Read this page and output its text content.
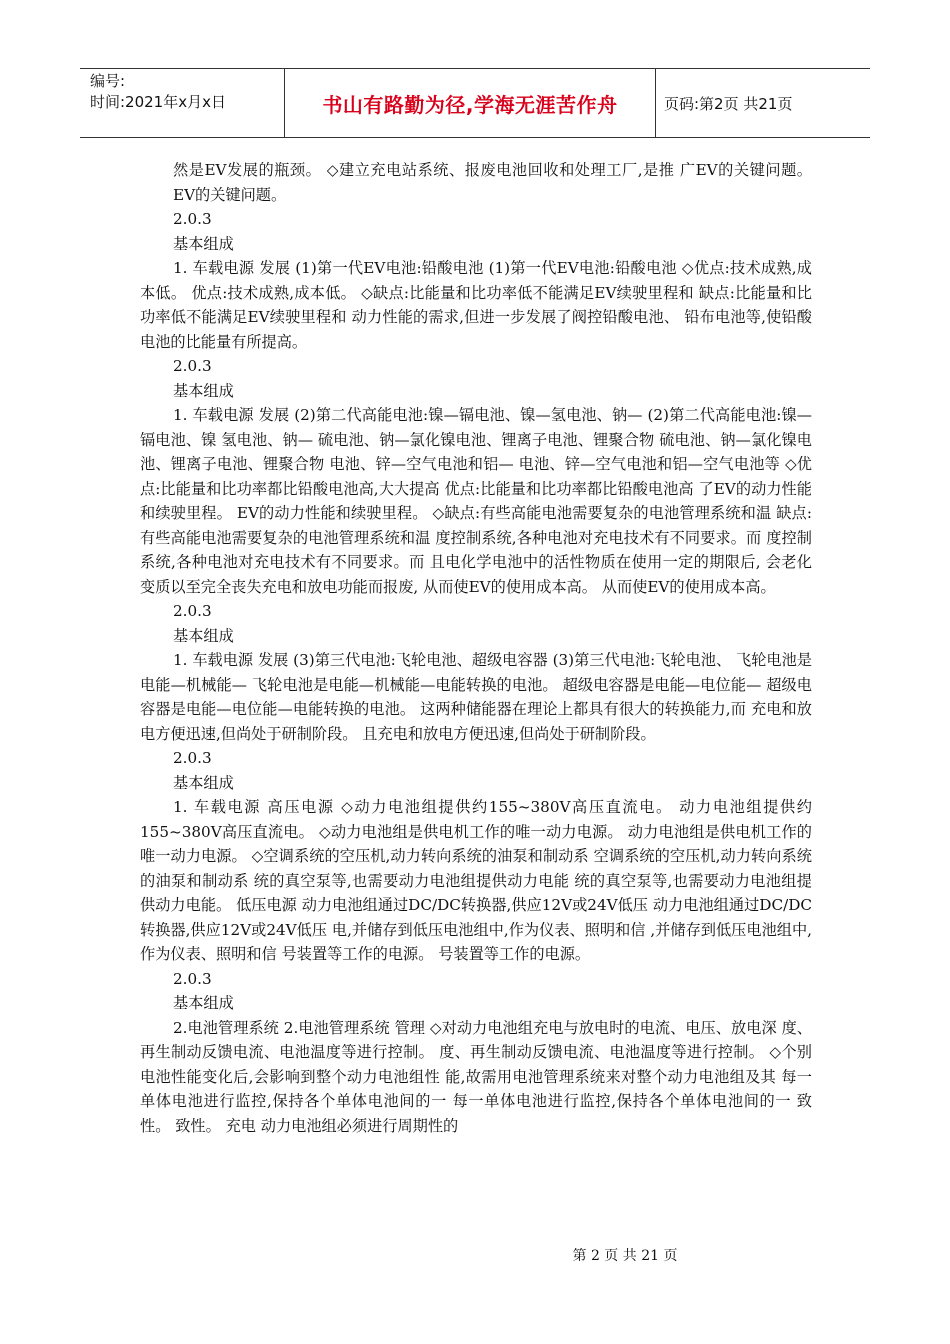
编号:
时间:2021年x月x日	书山有路勤为径,学海无涯苦作舟	页码:第2页 共21页

然是EV发展的瓶颈。 ◇建立充电站系统、报废电池回收和处理工厂,是推 广EV的关键问题。 EV的关键问题。

2.0.3

基本组成

1. 车载电源 发展 (1)第一代EV电池:铅酸电池 (1)第一代EV电池:铅酸电池 ◇优点:技术成熟,成本低。 优点:技术成熟,成本低。 ◇缺点:比能量和比功率低不能满足EV续驶里程和 缺点:比能量和比功率低不能满足EV续驶里程和 动力性能的需求,但进一步发展了阀控铅酸电池、 铅布电池等,使铅酸电池的比能量有所提高。

2.0.3

基本组成

1. 车载电源 发展 (2)第二代高能电池:镍—镉电池、镍—氢电池、钠— (2)第二代高能电池:镍—镉电池、镍 氢电池、钠— 硫电池、钠—氯化镍电池、锂离子电池、锂聚合物 硫电池、钠—氯化镍电池、锂离子电池、锂聚合物 电池、锌—空气电池和铝— 电池、锌—空气电池和铝—空气电池等 ◇优点:比能量和比功率都比铅酸电池高,大大提高 优点:比能量和比功率都比铅酸电池高 了EV的动力性能和续驶里程。 EV的动力性能和续驶里程。 ◇缺点:有些高能电池需要复杂的电池管理系统和温 缺点:有些高能电池需要复杂的电池管理系统和温 度控制系统,各种电池对充电技术有不同要求。而 度控制系统,各种电池对充电技术有不同要求。而 且电化学电池中的活性物质在使用一定的期限后, 会老化变质以至完全丧失充电和放电功能而报废, 从而使EV的使用成本高。 从而使EV的使用成本高。

2.0.3

基本组成

1. 车载电源 发展 (3)第三代电池:飞轮电池、超级电容器 (3)第三代电池:飞轮电池、 飞轮电池是电能—机械能— 飞轮电池是电能—机械能—电能转换的电池。 超级电容器是电能—电位能— 超级电容器是电能—电位能—电能转换的电池。 这两种储能器在理论上都具有很大的转换能力,而 充电和放电方便迅速,但尚处于研制阶段。 且充电和放电方便迅速,但尚处于研制阶段。

2.0.3

基本组成

1. 车载电源 高压电源 ◇动力电池组提供约155~380V高压直流电。 动力电池组提供约155~380V高压直流电。 ◇动力电池组是供电机工作的唯一动力电源。 动力电池组是供电机工作的唯一动力电源。 ◇空调系统的空压机,动力转向系统的油泵和制动系 空调系统的空压机,动力转向系统的油泵和制动系 统的真空泵等,也需要动力电池组提供动力电能 统的真空泵等,也需要动力电池组提供动力电能。 低压电源 动力电池组通过DC/DC转换器,供应12V或24V低压 动力电池组通过DC/DC转换器,供应12V或24V低压 电,并储存到低压电池组中,作为仪表、照明和信 ,并储存到低压电池组中,作为仪表、照明和信 号装置等工作的电源。 号装置等工作的电源。

2.0.3

基本组成

2.电池管理系统 2.电池管理系统 管理 ◇对动力电池组充电与放电时的电流、电压、放电深 度、再生制动反馈电流、电池温度等进行控制。 度、再生制动反馈电流、电池温度等进行控制。 ◇个别电池性能变化后,会影响到整个动力电池组性 能,故需用电池管理系统来对整个动力电池组及其 每一单体电池进行监控,保持各个单体电池间的一 每一单体电池进行监控,保持各个单体电池间的一 致性。 致性。 充电 动力电池组必须进行周期性的

第 2 页 共 21 页
